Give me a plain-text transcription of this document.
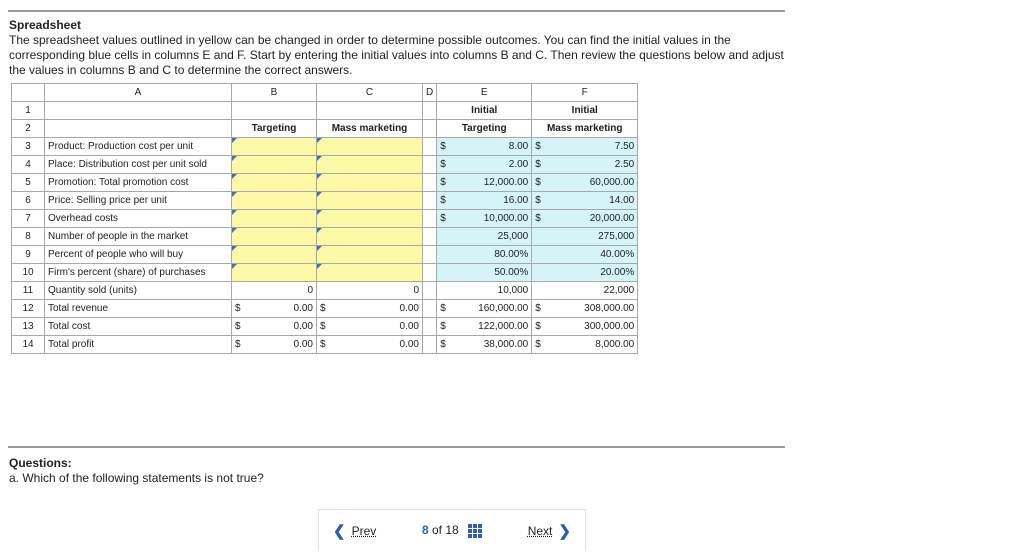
Spreadsheet
The spreadsheet values outlined in yellow can be changed in order to determine possible outcomes. You can find the initial values in the corresponding blue cells in columns E and F. Start by entering the initial values into columns B and C. Then review the questions below and adjust the values in columns B and C to determine the correct answers.
	A	B	C	D	E	F
1					Initial	Initial
2		Targeting	Mass marketing		Targeting	Mass marketing
3	Product: Production cost per unit				$ 8.00	$ 7.50

4	Place: Distribution cost per unit sold				$ 2.00	$ 2.50

5	Promotion: Total promotion cost				$ 12,000.00	$ 60,000.00

6	Price: Selling price per unit				$ 16.00	$ 14.00

7	Overhead costs				$ 10,000.00	$ 20,000.00

8	Number of people in the market				25,000	275,000
9	Percent of people who will buy				80.00%	40.00%
10	Firm's percent (share) of purchases				50.00%	20.00%
11	Quantity sold (units)	0	0		10,000	22,000
12	Total revenue	$ 0.00	$ 0.00		$ 160,000.00	$ 308,000.00

13	Total cost	$ 0.00	$ 0.00		$ 122,000.00	$ 300,000.00

14	Total profit	$ 0.00	$ 0.00		$ 38,000.00	$ 8,000.00
Questions:
a. Which of the following statements is not true?
❮ Prev	8 of 18	Next ❯
